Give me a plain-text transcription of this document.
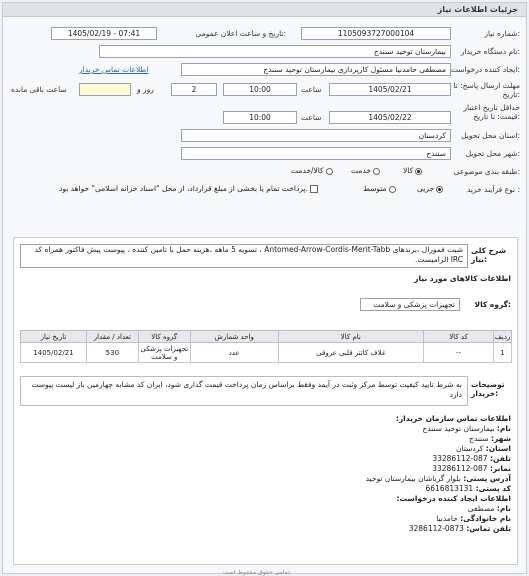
جزئیات اطلاعات نیاز
شماره نیاز:
1105093727000104
تاریخ و ساعت اعلان عمومی:
1405/02/19 - 07:41
نام دستگاه خریدار:
بیمارستان توحید سنندج
ایجاد کننده درخواست:
مصطفی حامدنیا مسئول کارپردازی بیمارستان توحید سنندج
اطلاعات تماس خریدار
مهلت ارسال پاسخ: تا تاریخ:
1405/02/21
ساعت
10:00
2
روز و
ساعت باقی مانده
حداقل تاریخ اعتبار قیمت: تا تاریخ:
1405/02/22
ساعت
10:00
استان محل تحویل:
کردستان
شهر محل تحویل:
سنندج
طبقه بندی موضوعی:
کالا
خدمت
کالا/خدمت
نوع فرآیند خرید :
جزیی
متوسط
پرداخت تمام یا بخشی از مبلغ قرارداد، از محل "اسناد خزانه اسلامی" خواهد بود.
شرح کلی نیاز:
شیت فمورال ،برندهای Antomed-Arrow-Cordis-Merit-Tabb ، تسویه 5 ماهه ،هزینه حمل با تامین کننده ، پیوست پیش فاکتور همراه کد IRC الزامیست.
اطلاعات کالاهای مورد نیاز
گروه کالا:
تجهیزات پزشکی و سلامت
تاریخ نیاز	تعداد / مقدار	گروه کالا	واحد شمارش	نام کالا	کد کالا	ردیف
1405/02/21	530	تجهیزات پزشکی و سلامت	عدد	غلاف کاتتر قلبی عروقی	--	1
توضیحات خریدار:
به شرط تایید کیفیت توسط مرکز وثبت در آیمد وفقط براساس زمان پرداخت قیمت گذاری شود، ایران کد مشابه چهارمین باز لیست پیوست دارد
اطلاعات تماس سازمان خریدار:
نام: بیمارستان توحید سنندج
شهر: سنندج
استان: کردستان
تلفن: 087-33286112
نمابر: 087-33286112
آدرس پستی: بلوار گریاشان بیمارستان توحید
کد پستی: 6616813131
اطلاعات ایجاد کننده درخواست:
نام: مصطفی
نام خانوادگی: حامدنیا
تلفن تماس: 0873-3286112
تمامی حقوق محفوظ است.
